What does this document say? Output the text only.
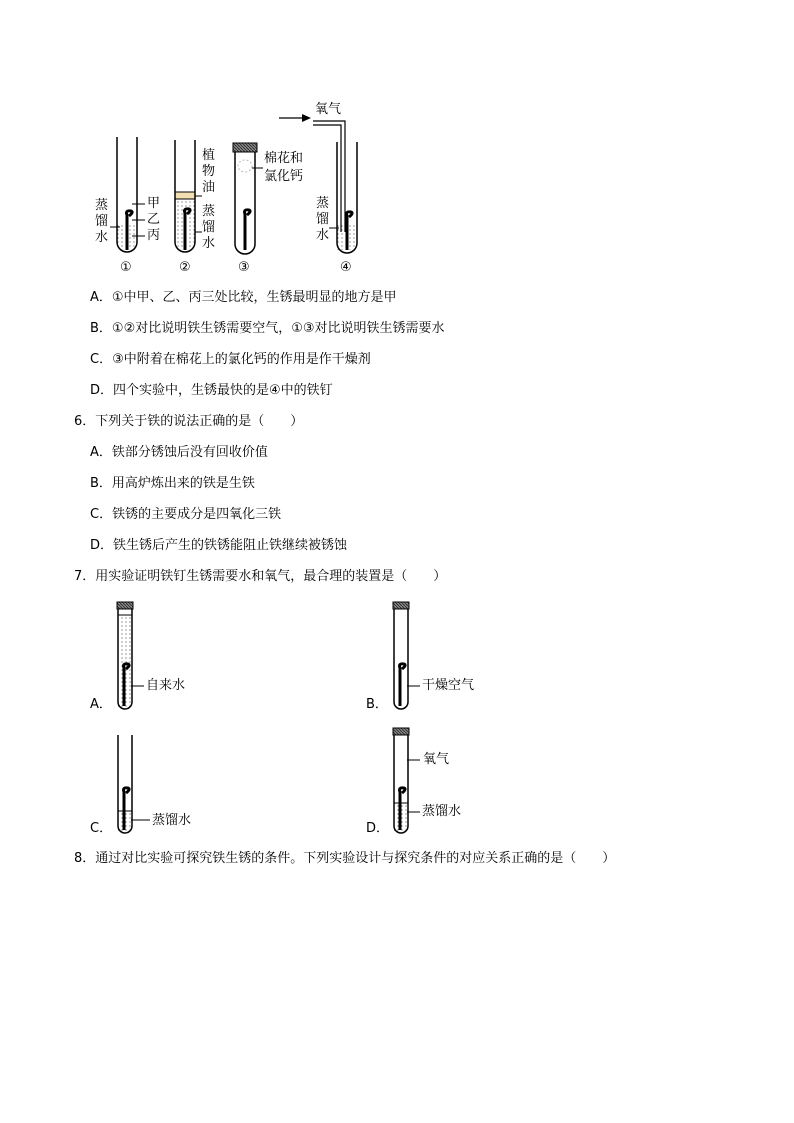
氧气
蒸馏水
甲
乙
丙
植物油
蒸馏水
棉花和
氯化钙
蒸馏水
①	②	③	④
A．①中甲、乙、丙三处比较，生锈最明显的地方是甲
B．①②对比说明铁生锈需要空气，①③对比说明铁生锈需要水
C．③中附着在棉花上的氯化钙的作用是作干燥剂
D．四个实验中，生锈最快的是④中的铁钉
6．下列关于铁的说法正确的是（　　）
A．铁部分锈蚀后没有回收价值
B．用高炉炼出来的铁是生铁
C．铁锈的主要成分是四氧化三铁
D．铁生锈后产生的铁锈能阻止铁继续被锈蚀
7．用实验证明铁钉生锈需要水和氧气，最合理的装置是（　　）
自来水	干燥空气
蒸馏水
氧气
蒸馏水
A．	B．
C．	D．
8．通过对比实验可探究铁生锈的条件。下列实验设计与探究条件的对应关系正确的是（　　）
